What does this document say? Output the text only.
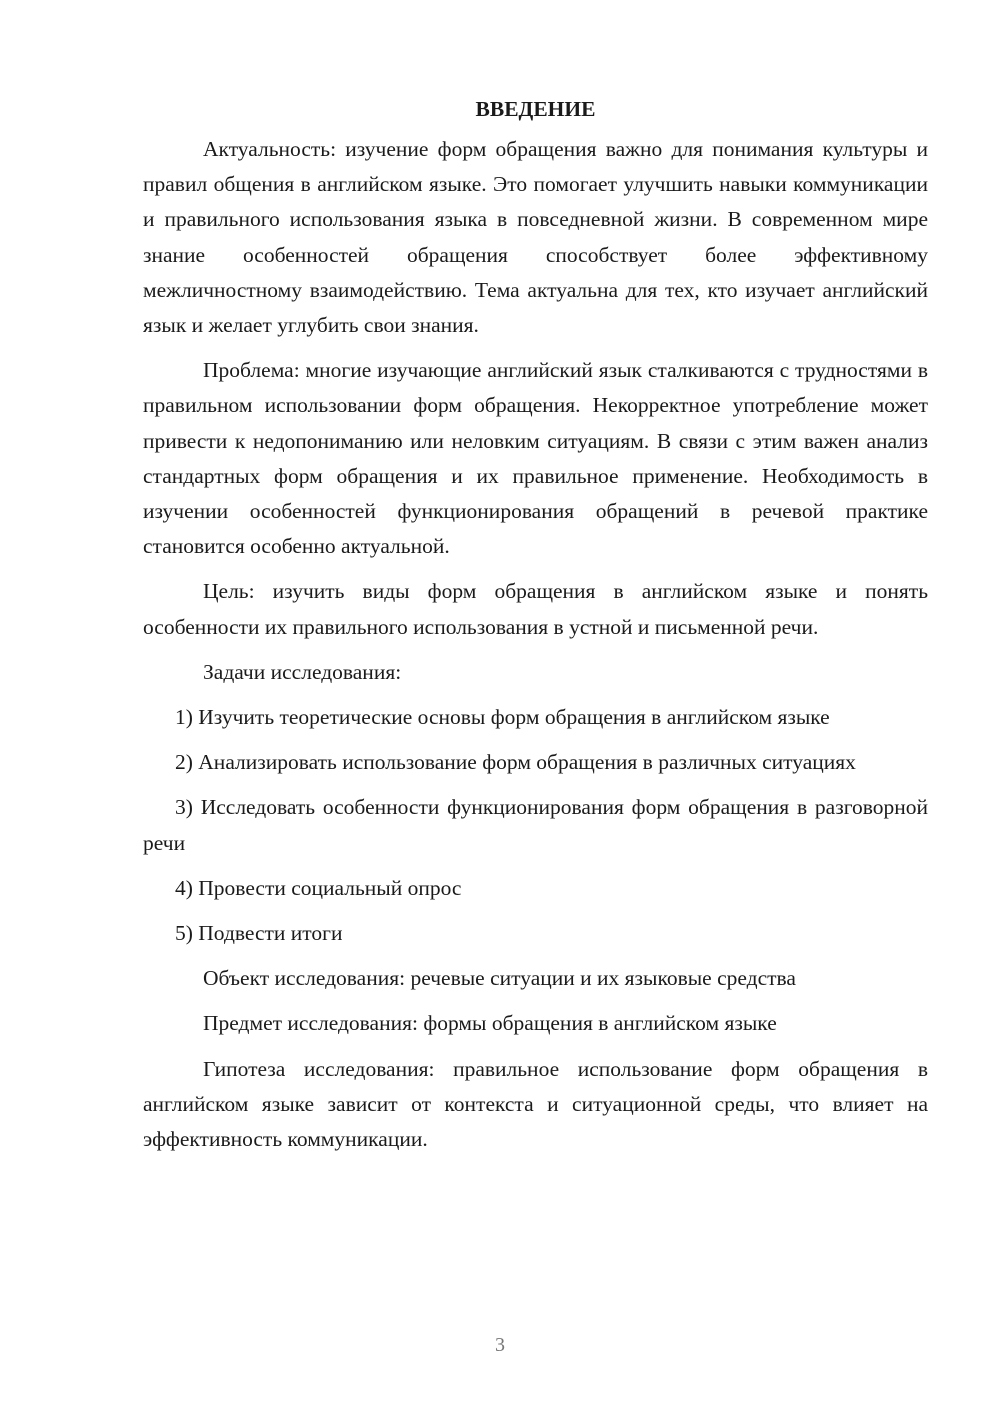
ВВЕДЕНИЕ

Актуальность: изучение форм обращения важно для понимания культуры и правил общения в английском языке. Это помогает улучшить навыки коммуникации и правильного использования языка в повседневной жизни. В современном мире знание особенностей обращения способствует более эффективному межличностному взаимодействию. Тема актуальна для тех, кто изучает английский язык и желает углубить свои знания.

Проблема: многие изучающие английский язык сталкиваются с трудностями в правильном использовании форм обращения. Некорректное употребление может привести к недопониманию или неловким ситуациям. В связи с этим важен анализ стандартных форм обращения и их правильное применение. Необходимость в изучении особенностей функционирования обращений в речевой практике становится особенно актуальной.

Цель: изучить виды форм обращения в английском языке и понять особенности их правильного использования в устной и письменной речи.

Задачи исследования:

1) Изучить теоретические основы форм обращения в английском языке

2) Анализировать использование форм обращения в различных ситуациях

3) Исследовать особенности функционирования форм обращения в разговорной речи

4) Провести социальный опрос

5) Подвести итоги

Объект исследования: речевые ситуации и их языковые средства

Предмет исследования: формы обращения в английском языке

Гипотеза исследования: правильное использование форм обращения в английском языке зависит от контекста и ситуационной среды, что влияет на эффективность коммуникации.

3
